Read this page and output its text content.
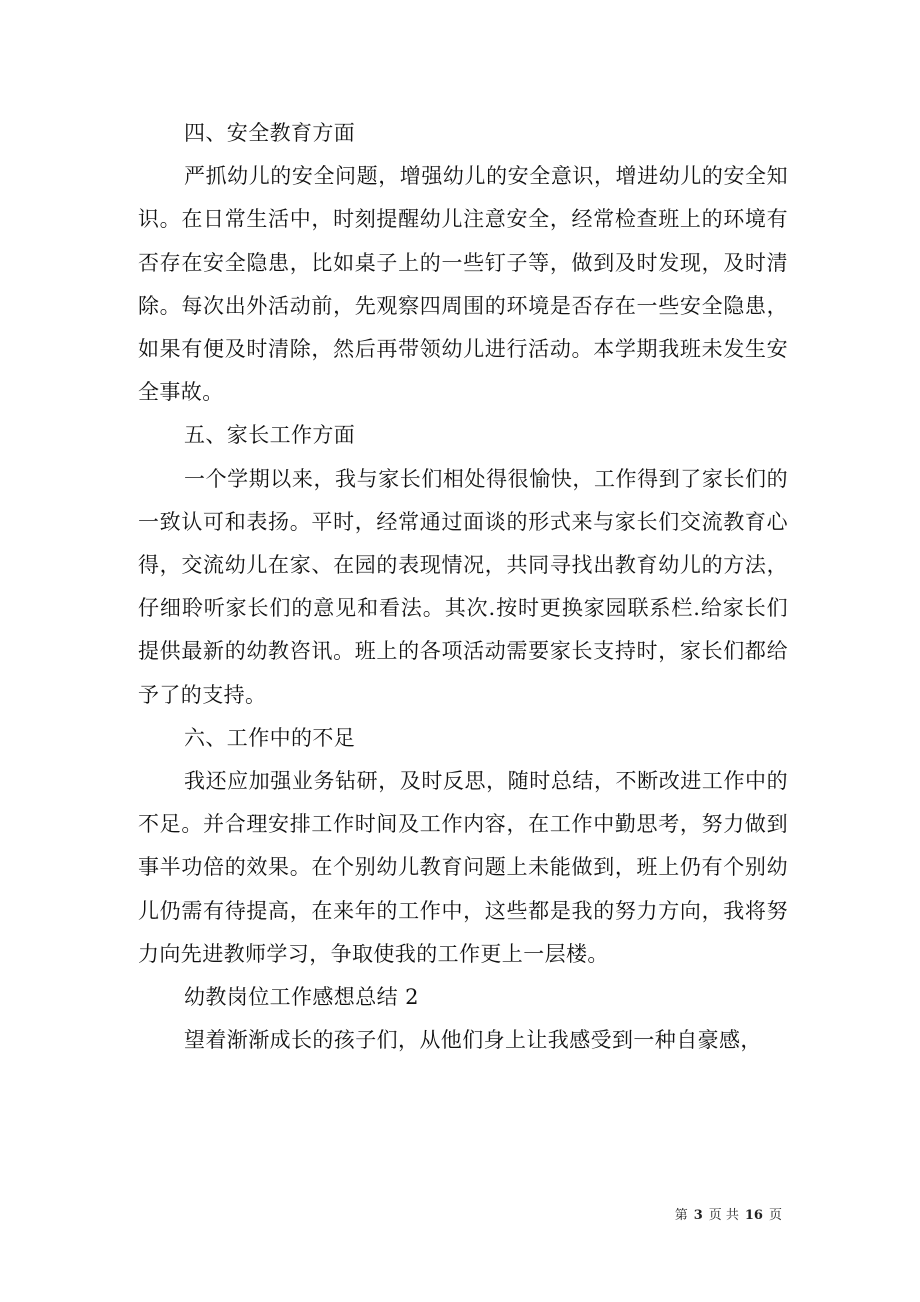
四、安全教育方面

严抓幼儿的安全问题，增强幼儿的安全意识，增进幼儿的安全知识。在日常生活中，时刻提醒幼儿注意安全，经常检查班上的环境有否存在安全隐患，比如桌子上的一些钉子等，做到及时发现，及时清除。每次出外活动前，先观察四周围的环境是否存在一些安全隐患，如果有便及时清除，然后再带领幼儿进行活动。本学期我班未发生安全事故。

五、家长工作方面

一个学期以来，我与家长们相处得很愉快，工作得到了家长们的一致认可和表扬。平时，经常通过面谈的形式来与家长们交流教育心得，交流幼儿在家、在园的表现情况，共同寻找出教育幼儿的方法，仔细聆听家长们的意见和看法。其次.按时更换家园联系栏.给家长们提供最新的幼教咨讯。班上的各项活动需要家长支持时，家长们都给予了的支持。

六、工作中的不足

我还应加强业务钻研，及时反思，随时总结，不断改进工作中的不足。并合理安排工作时间及工作内容，在工作中勤思考，努力做到事半功倍的效果。在个别幼儿教育问题上未能做到，班上仍有个别幼儿仍需有待提高，在来年的工作中，这些都是我的努力方向，我将努力向先进教师学习，争取使我的工作更上一层楼。

幼教岗位工作感想总结 2

望着渐渐成长的孩子们，从他们身上让我感受到一种自豪感，

第 3 页 共 16 页
